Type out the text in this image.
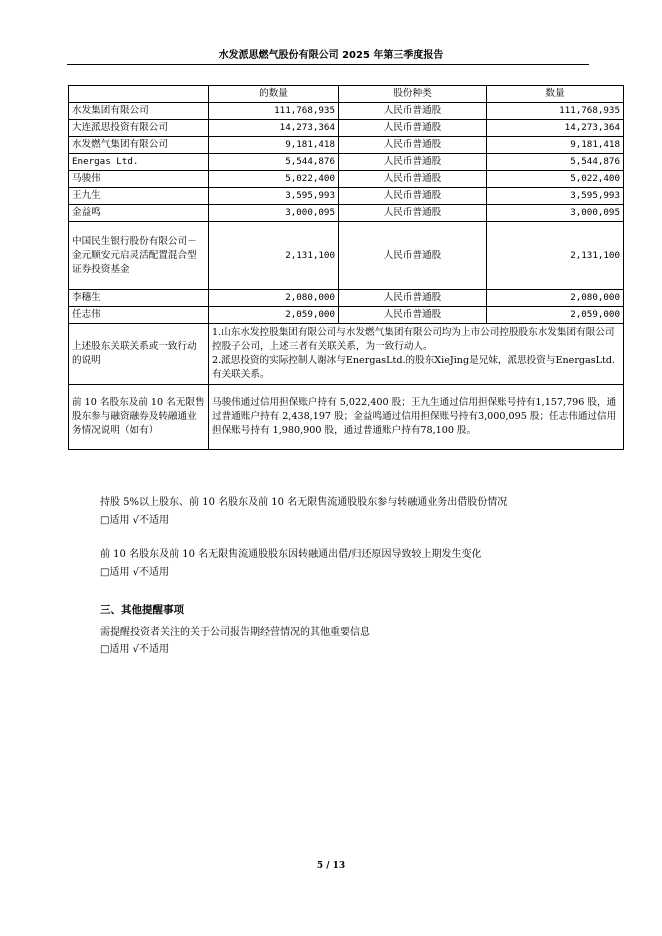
水发派思燃气股份有限公司 2025 年第三季度报告
	的数量	股份种类	数量
水发集团有限公司	111,768,935	人民币普通股	111,768,935
大连派思投资有限公司	14,273,364	人民币普通股	14,273,364
水发燃气集团有限公司	9,181,418	人民币普通股	9,181,418
Energas Ltd.	5,544,876	人民币普通股	5,544,876
马骏伟	5,022,400	人民币普通股	5,022,400
王九生	3,595,993	人民币普通股	3,595,993
金益鸣	3,000,095	人民币普通股	3,000,095
中国民生银行股份有限公司－金元顺安元启灵活配置混合型证券投资基金	2,131,100	人民币普通股	2,131,100
李穗生	2,080,000	人民币普通股	2,080,000
任志伟	2,059,000	人民币普通股	2,059,000
上述股东关联关系或一致行动的说明	1.山东水发控股集团有限公司与水发燃气集团有限公司均为上市公司控股股东水发集团有限公司控股子公司，上述三者有关联关系，为一致行动人。
2.派思投资的实际控制人谢冰与EnergasLtd.的股东XieJing是兄妹，派思投资与EnergasLtd.有关联关系。		

前 10 名股东及前 10 名无限售股东参与融资融券及转融通业务情况说明（如有）	马骏伟通过信用担保账户持有 5,022,400 股；王九生通过信用担保账号持有1,157,796 股，通过普通账户持有 2,438,197 股；金益鸣通过信用担保账号持有3,000,095 股；任志伟通过信用担保账号持有 1,980,900 股，通过普通账户持有78,100 股。		
持股 5%以上股东、前 10 名股东及前 10 名无限售流通股股东参与转融通业务出借股份情况
□适用 √不适用
前 10 名股东及前 10 名无限售流通股股东因转融通出借/归还原因导致较上期发生变化
□适用 √不适用
三、其他提醒事项
需提醒投资者关注的关于公司报告期经营情况的其他重要信息
□适用 √不适用
5 / 13
